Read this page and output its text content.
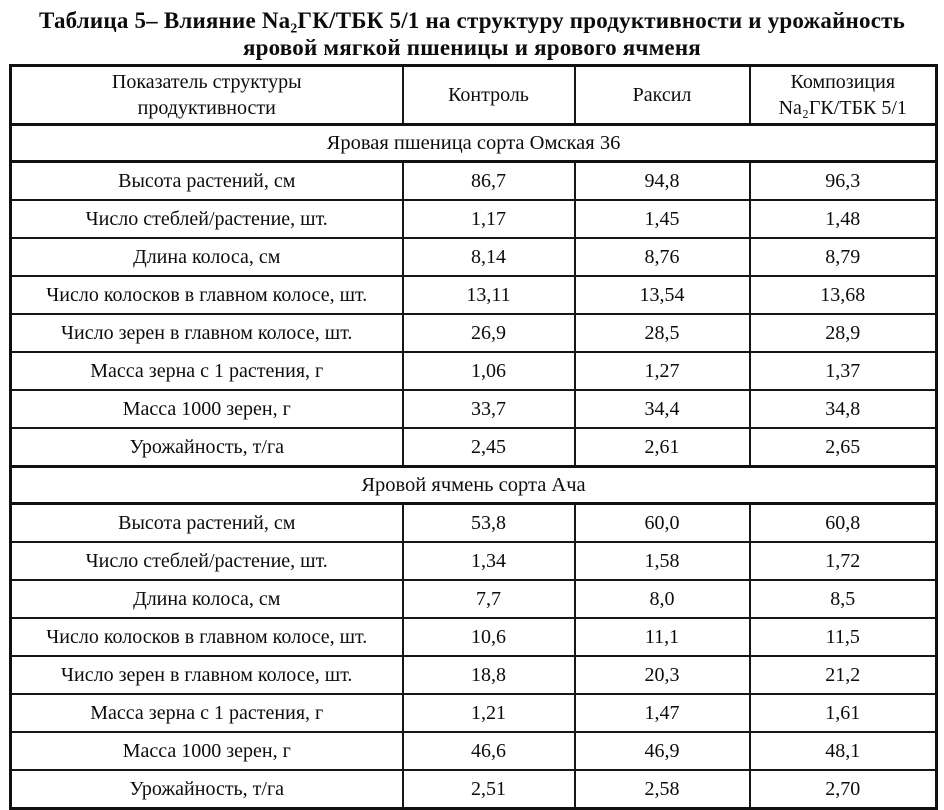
Таблица 5– Влияние Na₂ГК/ТБК 5/1 на структуру продуктивности и урожайность
яровой мягкой пшеницы и ярового ячменя
Показатель структуры продуктивности	Контроль	Раксил	Композиция Na₂ГК/ТБК 5/1
Яровая пшеница сорта Омская 36			
Высота растений, см	86,7	94,8	96,3
Число стеблей/растение, шт.	1,17	1,45	1,48
Длина колоса, см	8,14	8,76	8,79
Число колосков в главном колосе, шт.	13,11	13,54	13,68
Число зерен в главном колосе, шт.	26,9	28,5	28,9
Масса зерна с 1 растения, г	1,06	1,27	1,37
Масса 1000 зерен, г	33,7	34,4	34,8
Урожайность, т/га	2,45	2,61	2,65
Яровой ячмень сорта Ача			
Высота растений, см	53,8	60,0	60,8
Число стеблей/растение, шт.	1,34	1,58	1,72
Длина колоса, см	7,7	8,0	8,5
Число колосков в главном колосе, шт.	10,6	11,1	11,5
Число зерен в главном колосе, шт.	18,8	20,3	21,2
Масса зерна с 1 растения, г	1,21	1,47	1,61
Масса 1000 зерен, г	46,6	46,9	48,1
Урожайность, т/га	2,51	2,58	2,70
